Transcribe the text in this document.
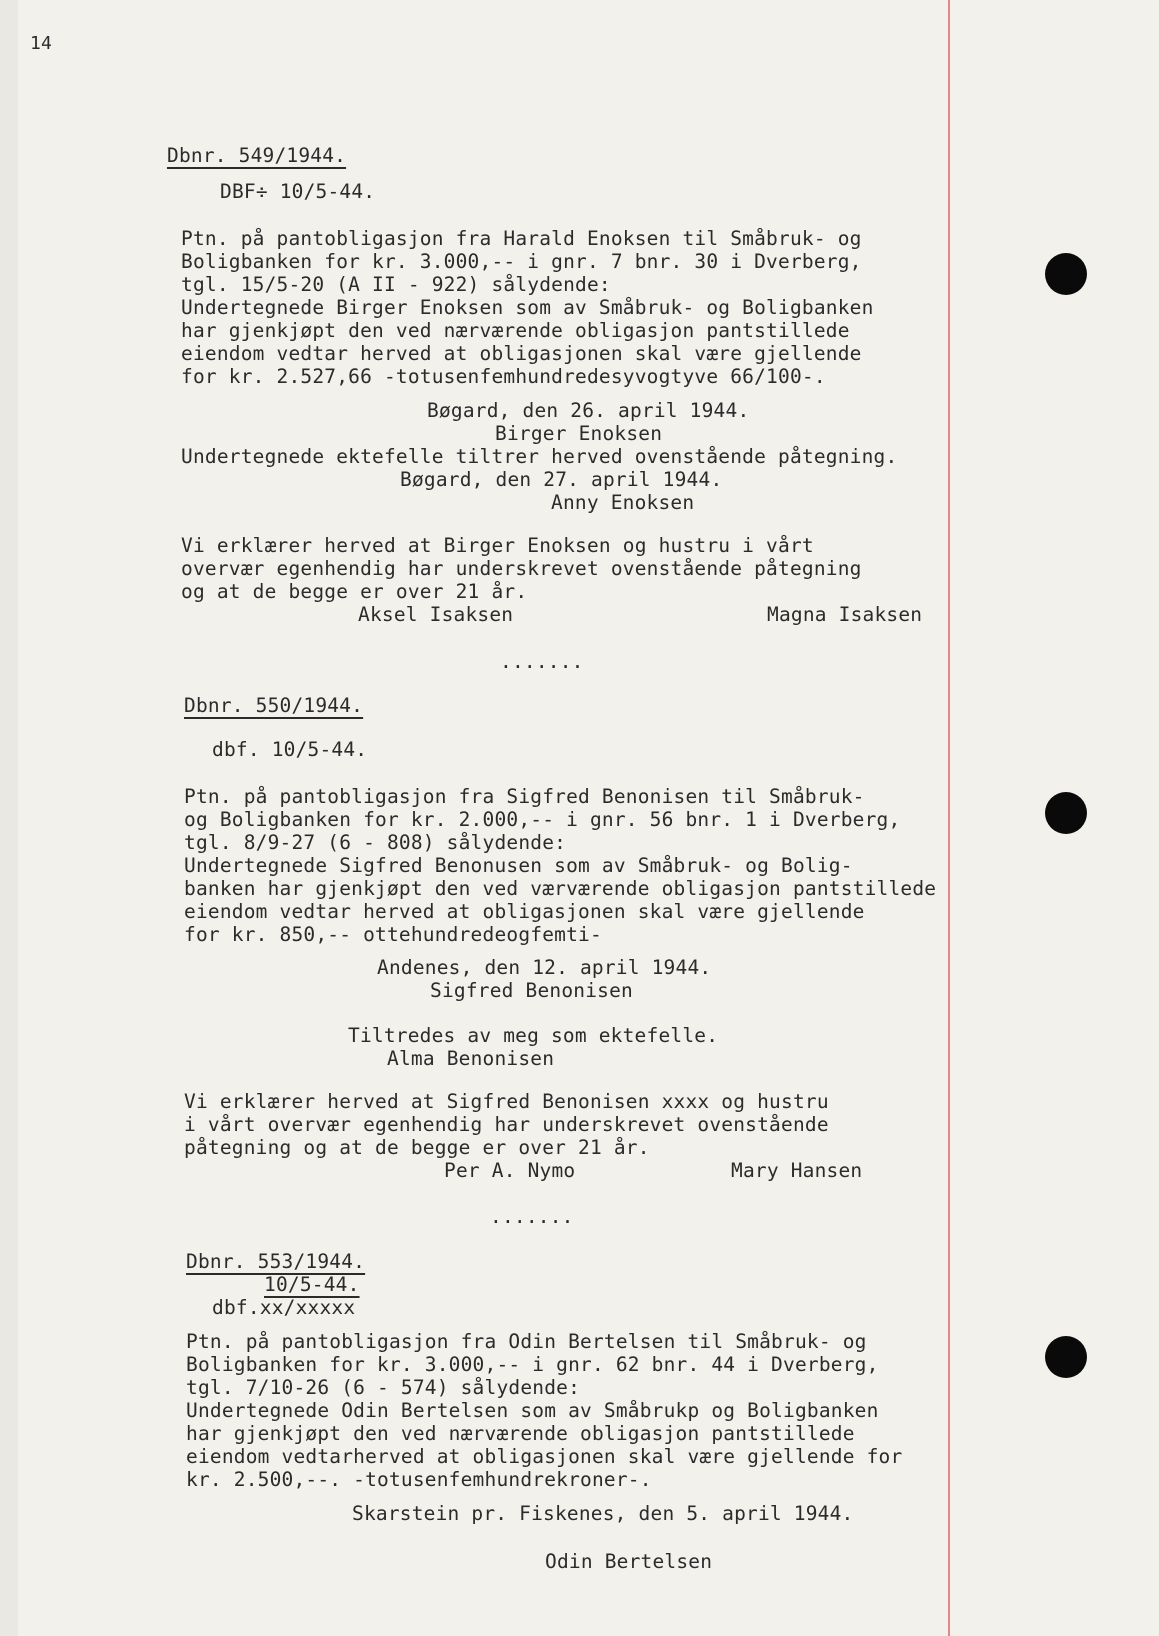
14
Dbnr. 549/1944.
DBF÷ 10/5-44.
Ptn. på pantobligasjon fra Harald Enoksen til Småbruk- og
Boligbanken for kr. 3.000,-- i gnr. 7 bnr. 30 i Dverberg,
tgl. 15/5-20 (A II - 922) sålydende:
Undertegnede Birger Enoksen som av Småbruk- og Boligbanken
har gjenkjøpt den ved nærværende obligasjon pantstillede
eiendom vedtar herved at obligasjonen skal være gjellende
for kr. 2.527,66 -totusenfemhundredesyvogtyve 66/100-.
Bøgard, den 26. april 1944.
Birger Enoksen
Undertegnede ektefelle tiltrer herved ovenstående påtegning.
Bøgard, den 27. april 1944.
Anny Enoksen
Vi erklærer herved at Birger Enoksen og hustru i vårt
overvær egenhendig har underskrevet ovenstående påtegning
og at de begge er over 21 år.
Aksel Isaksen	Magna Isaksen
.......
Dbnr. 550/1944.
dbf. 10/5-44.
Ptn. på pantobligasjon fra Sigfred Benonisen til Småbruk-
og Boligbanken for kr. 2.000,-- i gnr. 56 bnr. 1 i Dverberg,
tgl. 8/9-27 (6 - 808) sålydende:
Undertegnede Sigfred Benonusen som av Småbruk- og Bolig-
banken har gjenkjøpt den ved værværende obligasjon pantstillede
eiendom vedtar herved at obligasjonen skal være gjellende
for kr. 850,-- ottehundredeogfemti-
Andenes, den 12. april 1944.
Sigfred Benonisen
Tiltredes av meg som ektefelle.
Alma Benonisen
Vi erklærer herved at Sigfred Benonisen xxxx og hustru
i vårt overvær egenhendig har underskrevet ovenstående
påtegning og at de begge er over 21 år.
Per A. Nymo	Mary Hansen
.......
Dbnr. 553/1944.
10/5-44.
dbf.xx/xxxxx
Ptn. på pantobligasjon fra Odin Bertelsen til Småbruk- og
Boligbanken for kr. 3.000,-- i gnr. 62 bnr. 44 i Dverberg,
tgl. 7/10-26 (6 - 574) sålydende:
Undertegnede Odin Bertelsen som av Småbrukp og Boligbanken
har gjenkjøpt den ved nærværende obligasjon pantstillede
eiendom vedtarherved at obligasjonen skal være gjellende for
kr. 2.500,--. -totusenfemhundrekroner-.
Skarstein pr. Fiskenes, den 5. april 1944.
Odin Bertelsen
